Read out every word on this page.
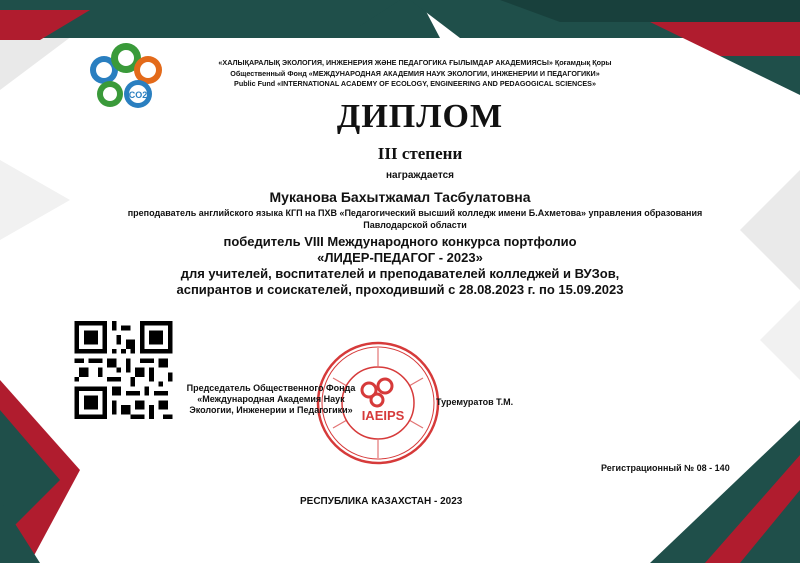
CO2
«ХАЛЫҚАРАЛЫҚ ЭКОЛОГИЯ, ИНЖЕНЕРИЯ ЖӘНЕ ПЕДАГОГИКА ҒЫЛЫМДАР АКАДЕМИЯСЫ» Қоғамдық Қоры
Общественный Фонд «МЕЖДУНАРОДНАЯ АКАДЕМИЯ НАУК ЭКОЛОГИИ, ИНЖЕНЕРИИ И ПЕДАГОГИКИ»
Public Fund «INTERNATIONAL ACADEMY OF ECOLOGY, ENGINEERING AND PEDAGOGICAL SCIENCES»
ДИПЛОМ
III степени
награждается
Муканова Бахытжамал Тасбулатовна
преподаватель английского языка КГП на ПХВ «Педагогический высший колледж имени Б.Ахметова» управления образования
Павлодарской области
победитель VIII Международного конкурса портфолио
«ЛИДЕР-ПЕДАГОГ - 2023»
для учителей, воспитателей и преподавателей колледжей и ВУЗов,
аспирантов и соискателей, проходивший с 28.08.2023 г. по 15.09.2023
IAEIPS
Председатель Общественного Фонда
«Международная Академия Наук
Экологии, Инженерии и Педагогики»
Туремуратов Т.М.
Регистрационный № 08 - 140
РЕСПУБЛИКА КАЗАХСТАН - 2023
